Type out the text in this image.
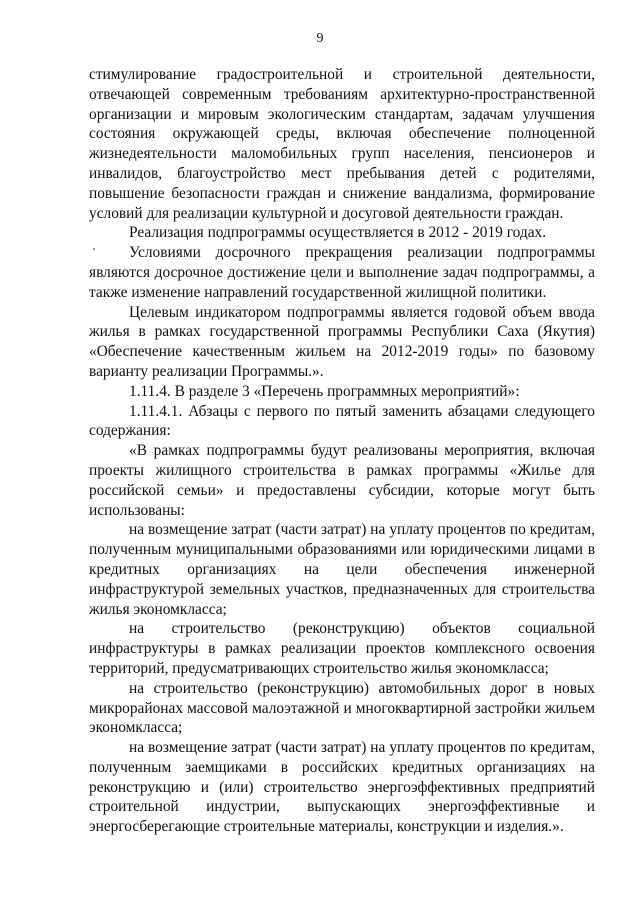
9

стимулирование градостроительной и строительной деятельности, отвечающей современным требованиям архитектурно-пространственной организации и мировым экологическим стандартам, задачам улучшения состояния окружающей среды, включая обеспечение полноценной жизнедеятельности маломобильных групп населения, пенсионеров и инвалидов, благоустройство мест пребывания детей с родителями, повышение безопасности граждан и снижение вандализма, формирование условий для реализации культурной и досуговой деятельности граждан.

Реализация подпрограммы осуществляется в 2012 - 2019 годах.

Условиями досрочного прекращения реализации подпрограммы являются досрочное достижение цели и выполнение задач подпрограммы, а также изменение направлений государственной жилищной политики.

Целевым индикатором подпрограммы является годовой объем ввода жилья в рамках государственной программы Республики Саха (Якутия) «Обеспечение качественным жильем на 2012-2019 годы» по базовому варианту реализации Программы.».

1.11.4. В разделе 3 «Перечень программных мероприятий»:

1.11.4.1. Абзацы с первого по пятый заменить абзацами следующего содержания:

«В рамках подпрограммы будут реализованы мероприятия, включая проекты жилищного строительства в рамках программы «Жилье для российской семьи» и предоставлены субсидии, которые могут быть использованы:

на возмещение затрат (части затрат) на уплату процентов по кредитам, полученным муниципальными образованиями или юридическими лицами в кредитных организациях на цели обеспечения инженерной инфраструктурой земельных участков, предназначенных для строительства жилья экономкласса;

на строительство (реконструкцию) объектов социальной инфраструктуры в рамках реализации проектов комплексного освоения территорий, предусматривающих строительство жилья экономкласса;

на строительство (реконструкцию) автомобильных дорог в новых микрорайонах массовой малоэтажной и многоквартирной застройки жильем экономкласса;

на возмещение затрат (части затрат) на уплату процентов по кредитам, полученным заемщиками в российских кредитных организациях на реконструкцию и (или) строительство энергоэффективных предприятий строительной индустрии, выпускающих энергоэффективные и энергосберегающие строительные материалы, конструкции и изделия.».
